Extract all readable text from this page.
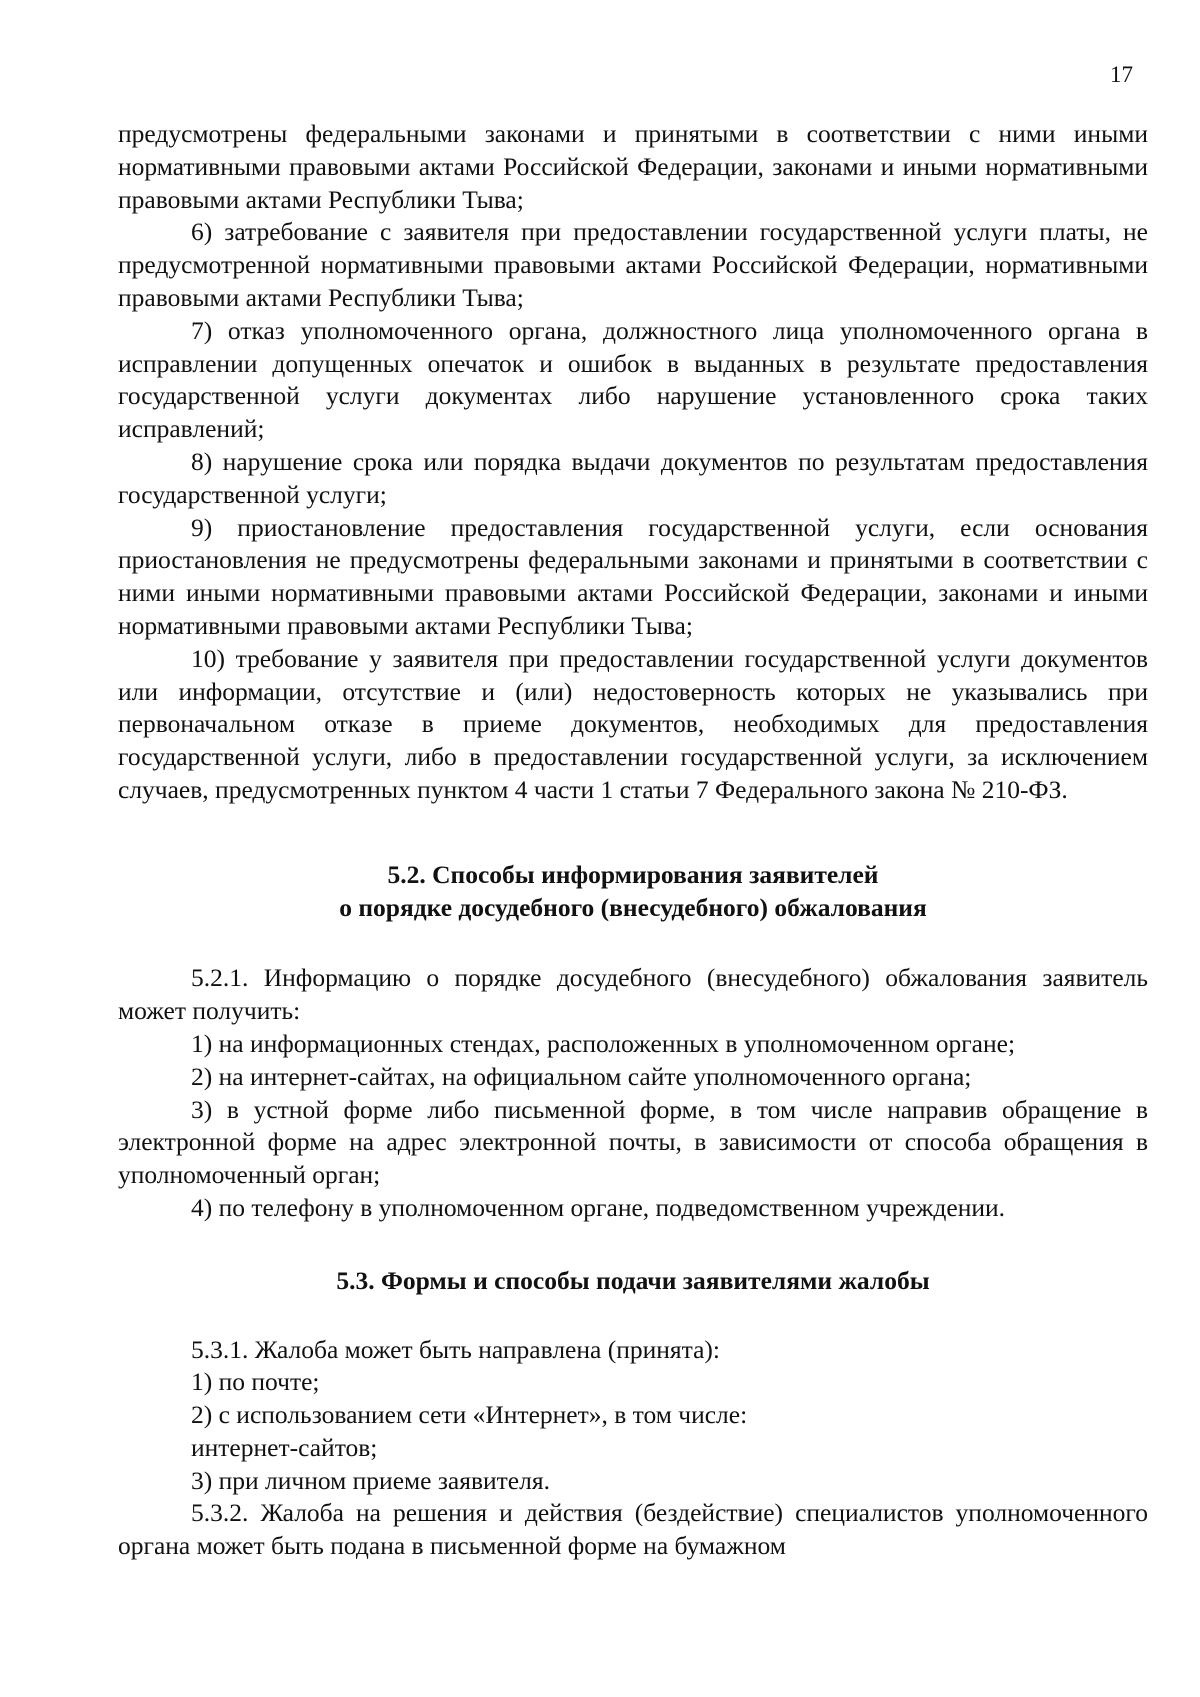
17

предусмотрены федеральными законами и принятыми в соответствии с ними иными нормативными правовыми актами Российской Федерации, законами и иными нормативными правовыми актами Республики Тыва;

6) затребование с заявителя при предоставлении государственной услуги платы, не предусмотренной нормативными правовыми актами Российской Федерации, нормативными правовыми актами Республики Тыва;

7) отказ уполномоченного органа, должностного лица уполномоченного органа в исправлении допущенных опечаток и ошибок в выданных в результате предоставления государственной услуги документах либо нарушение установленного срока таких исправлений;

8) нарушение срока или порядка выдачи документов по результатам предоставления государственной услуги;

9) приостановление предоставления государственной услуги, если основания приостановления не предусмотрены федеральными законами и принятыми в соответствии с ними иными нормативными правовыми актами Российской Федерации, законами и иными нормативными правовыми актами Республики Тыва;

10) требование у заявителя при предоставлении государственной услуги документов или информации, отсутствие и (или) недостоверность которых не указывались при первоначальном отказе в приеме документов, необходимых для предоставления государственной услуги, либо в предоставлении государственной услуги, за исключением случаев, предусмотренных пунктом 4 части 1 статьи 7 Федерального закона № 210-ФЗ.

5.2. Способы информирования заявителей
о порядке досудебного (внесудебного) обжалования

5.2.1. Информацию о порядке досудебного (внесудебного) обжалования заявитель может получить:

1) на информационных стендах, расположенных в уполномоченном органе;

2) на интернет-сайтах, на официальном сайте уполномоченного органа;

3) в устной форме либо письменной форме, в том числе направив обращение в электронной форме на адрес электронной почты, в зависимости от способа обращения в уполномоченный орган;

4) по телефону в уполномоченном органе, подведомственном учреждении.

5.3. Формы и способы подачи заявителями жалобы

5.3.1. Жалоба может быть направлена (принята):

1) по почте;

2) с использованием сети «Интернет», в том числе:

интернет-сайтов;

3) при личном приеме заявителя.

5.3.2. Жалоба на решения и действия (бездействие) специалистов уполномоченного органа может быть подана в письменной форме на бумажном
